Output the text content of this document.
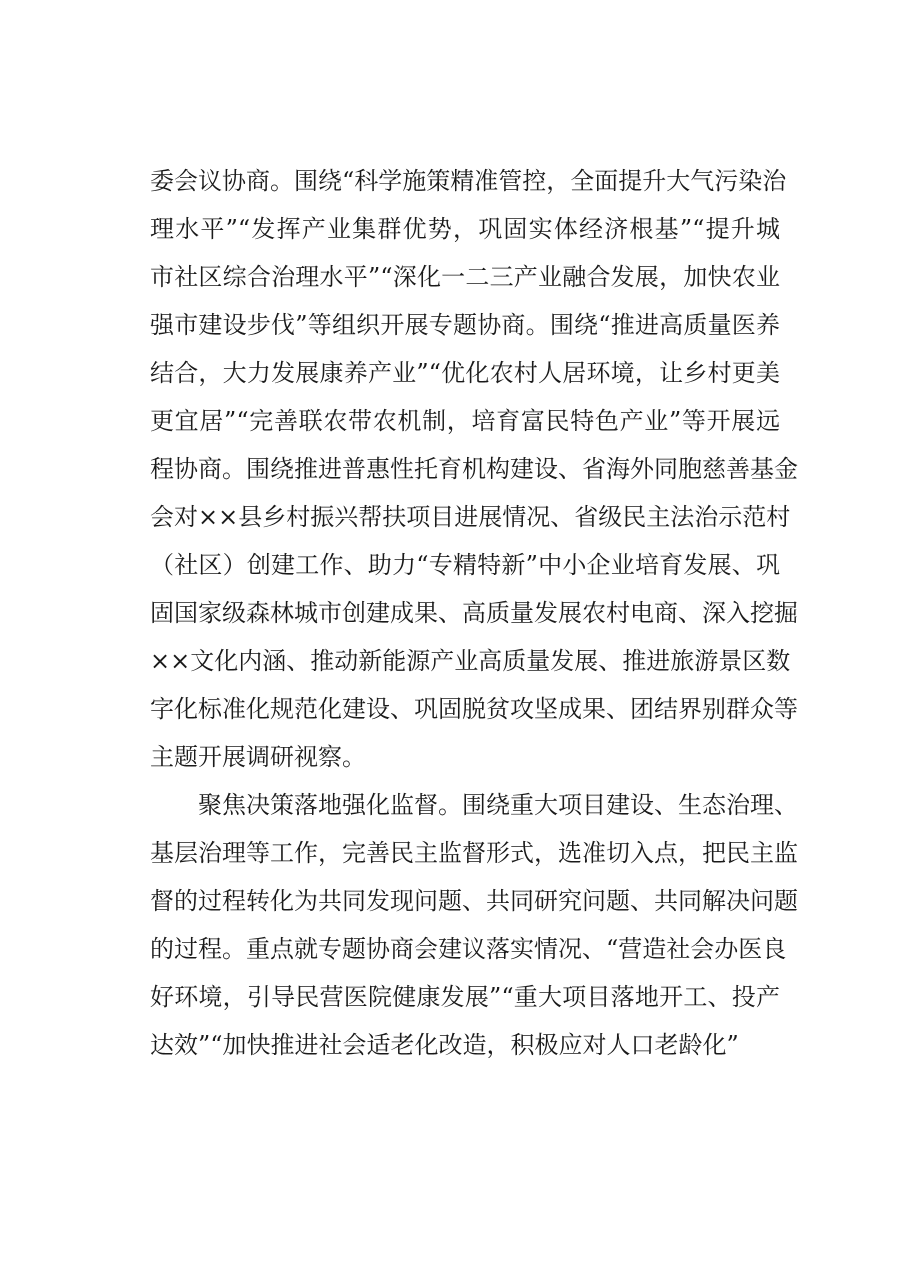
委会议协商。围绕“科学施策精准管控，全面提升大气污染治
理水平”“发挥产业集群优势，巩固实体经济根基”“提升城
市社区综合治理水平”“深化一二三产业融合发展，加快农业
强市建设步伐”等组织开展专题协商。围绕“推进高质量医养
结合，大力发展康养产业”“优化农村人居环境，让乡村更美
更宜居”“完善联农带农机制，培育富民特色产业”等开展远
程协商。围绕推进普惠性托育机构建设、省海外同胞慈善基金
会对××县乡村振兴帮扶项目进展情况、省级民主法治示范村
（社区）创建工作、助力“专精特新”中小企业培育发展、巩
固国家级森林城市创建成果、高质量发展农村电商、深入挖掘
××文化内涵、推动新能源产业高质量发展、推进旅游景区数
字化标准化规范化建设、巩固脱贫攻坚成果、团结界别群众等
主题开展调研视察。
聚焦决策落地强化监督。围绕重大项目建设、生态治理、
基层治理等工作，完善民主监督形式，选准切入点，把民主监
督的过程转化为共同发现问题、共同研究问题、共同解决问题
的过程。重点就专题协商会建议落实情况、“营造社会办医良
好环境，引导民营医院健康发展”“重大项目落地开工、投产
达效”“加快推进社会适老化改造，积极应对人口老龄化”
